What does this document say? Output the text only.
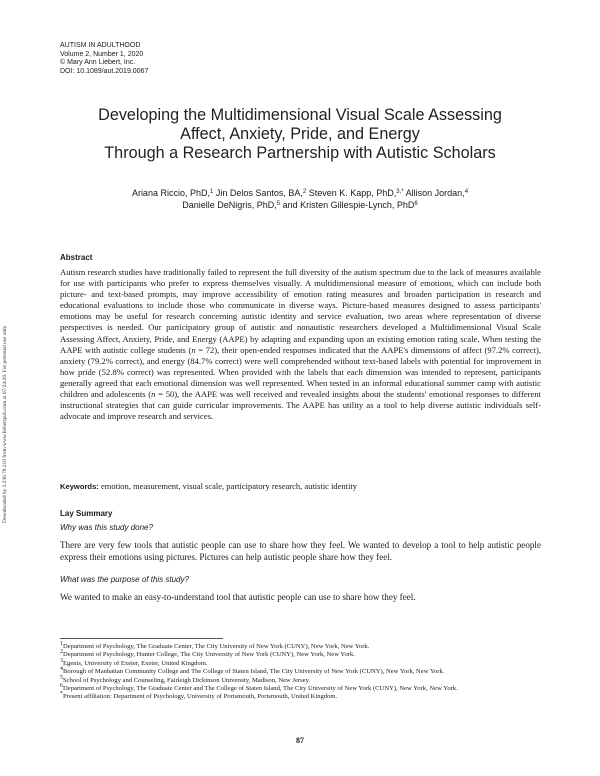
AUTISM IN ADULTHOOD
Volume 2, Number 1, 2020
© Mary Ann Liebert, Inc.
DOI: 10.1089/aut.2019.0067
Developing the Multidimensional Visual Scale Assessing
Affect, Anxiety, Pride, and Energy
Through a Research Partnership with Autistic Scholars
Ariana Riccio, PhD,$^1$ Jin Delos Santos, BA,$^2$ Steven K. Kapp, PhD,$^{3,*}$ Allison Jordan,$^4$
Danielle DeNigris, PhD,$^5$ and Kristen Gillespie-Lynch, PhD$^6$
Downloaded by 3.236.78.210 from www.liebertpub.com at 07/24/20. For personal use only.
Abstract
Autism research studies have traditionally failed to represent the full diversity of the autism spectrum due to the lack of measures available for use with participants who prefer to express themselves visually. A multidimensional measure of emotions, which can include both picture- and text-based prompts, may improve accessibility of emotion rating measures and broaden participation in research and educational evaluations to include those who communicate in diverse ways. Picture-based measures designed to assess participants' emotions may be useful for research concerning autistic identity and service evaluation, two areas where representation of diverse perspectives is needed. Our participatory group of autistic and nonautistic researchers developed a Multidimensional Visual Scale Assessing Affect, Anxiety, Pride, and Energy (AAPE) by adapting and expanding upon an existing emotion rating scale. When testing the AAPE with autistic college students (n = 72), their open-ended responses indicated that the AAPE's dimensions of affect (97.2% correct), anxiety (79.2% correct), and energy (84.7% correct) were well comprehended without text-based labels with potential for improvement in how pride (52.8% correct) was represented. When provided with the labels that each dimension was intended to represent, participants generally agreed that each emotional dimension was well represented. When tested in an informal educational summer camp with autistic children and adolescents (n = 50), the AAPE was well received and revealed insights about the students' emotional responses to different instructional strategies that can guide curricular improvements. The AAPE has utility as a tool to help diverse autistic individuals self-advocate and improve research and services.
Keywords: emotion, measurement, visual scale, participatory research, autistic identity
Lay Summary
Why was this study done?
There are very few tools that autistic people can use to share how they feel. We wanted to develop a tool to help autistic people express their emotions using pictures. Pictures can help autistic people share how they feel.
What was the purpose of this study?
We wanted to make an easy-to-understand tool that autistic people can use to share how they feel.
$^1$Department of Psychology, The Graduate Center, The City University of New York (CUNY), New York, New York.
$^2$Department of Psychology, Hunter College, The City University of New York (CUNY), New York, New York.
$^3$Egenis, University of Exeter, Exeter, United Kingdom.
$^4$Borough of Manhattan Community College and The College of Staten Island, The City University of New York (CUNY), New York, New York.
$^5$School of Psychology and Counseling, Fairleigh Dickinson University, Madison, New Jersey.
$^6$Department of Psychology, The Graduate Center and The College of Staten Island, The City University of New York (CUNY), New York, New York.
*Present affiliation: Department of Psychology, University of Portsmouth, Portsmouth, United Kingdom.
87
